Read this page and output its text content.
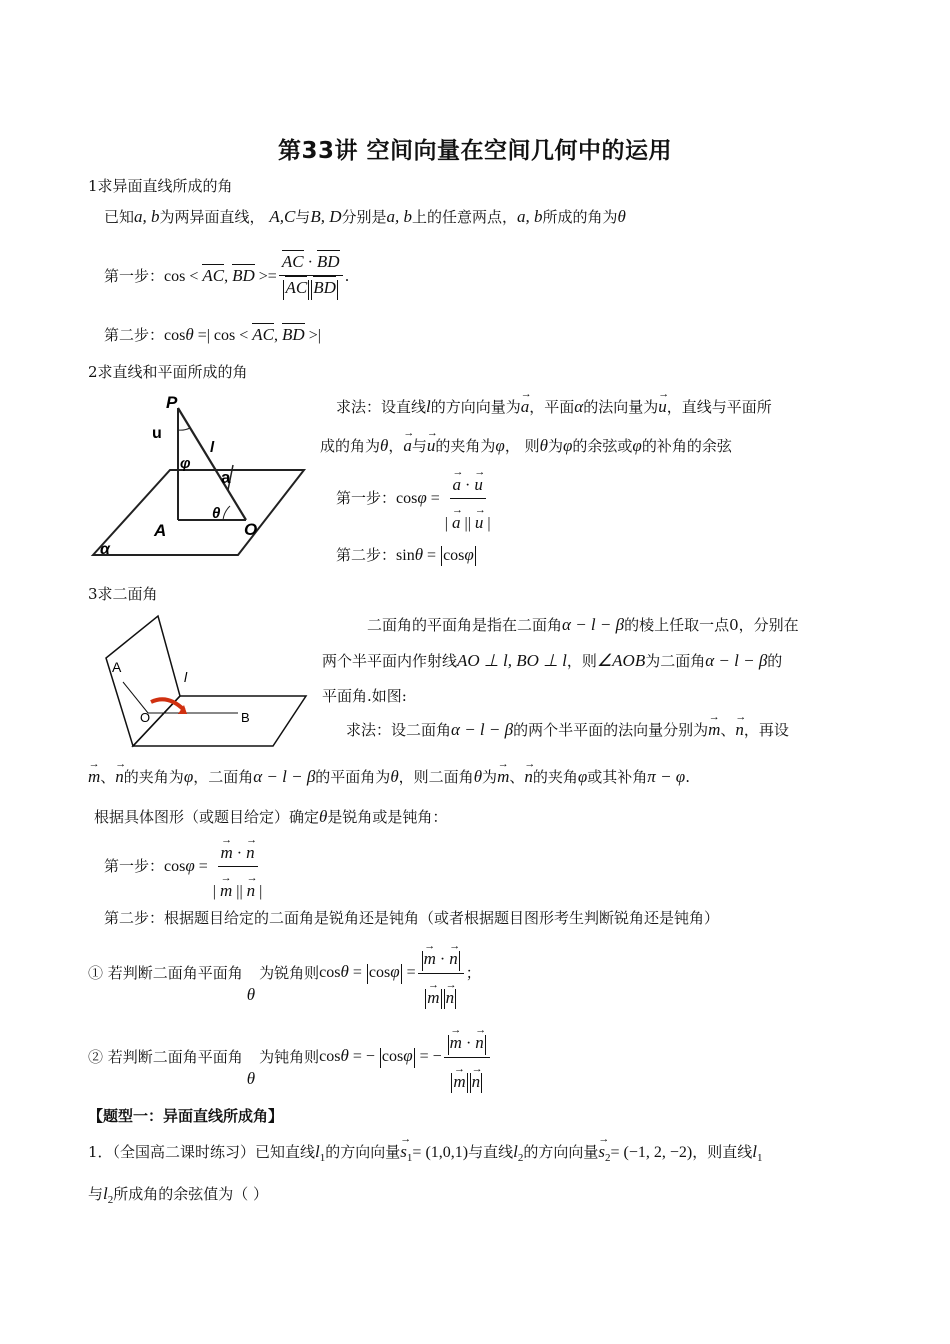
第33讲 空间向量在空间几何中的运用
1求异面直线所成的角
已知a, b为两异面直线， A,C与B, D分别是a, b上的任意两点，a, b所成的角为θ
第一步： cos < AC, BD >= $\frac{AC \cdot BD}{\text{AC BD}}$ .
第二步：cosθ =| cos < AC, BD >|
2求直线和平面所成的角
P
u
l
φ
a
θ
A	O
α
求法：设直线l的方向向量为→ a，平面α的法向量为→ u，直线与平面所
成的角为θ，→ a与→ u的夹角为φ， 则θ为φ的余弦或φ的补角的余弦
第一步： cosφ = → $\frac{a \cdot \to u}{| \to a || \to u |}$
第二步：sinθ = cosφ
3求二面角
A
l
O	B
二面角的平面角是指在二面角α − l − β的棱上任取一点0，分别在
两个半平面内作射线AO ⊥ l, BO ⊥ l，则∠AOB为二面角α − l − β的
平面角.如图:
求法：设二面角α − l − β的两个半平面的法向量分别为→ m、→ n，再设
→ m、→ n的夹角为φ，二面角α − l − β的平面角为θ，则二面角θ为→ m、→ n的夹角φ或其补角π − φ.
根据具体图形（或题目给定）确定θ是锐角或是钝角：
第一步： cosφ = → $\frac{m \cdot \to n}{| \to m || \to n |}$
第二步：根据题目给定的二面角是锐角还是钝角（或者根据题目图形考生判断锐角还是钝角）
① 若判断二面角平面角
θ
为锐角则 cosθ = cosφ = → m · → n
→ m → n ；
② 若判断二面角平面角
θ
为钝角则 cosθ = − cosφ = − → m · → n
→ m → n
【题型一：异面直线所成角】
1．（全国高二课时练习）已知直线$l_1$的方向向量→ $s_1= (1,0,1)$与直线$l_2$的方向向量→ $s_2= (-1$, 2, −2)，则直线$l_1$
与$l_2$所成角的余弦值为（ ）
